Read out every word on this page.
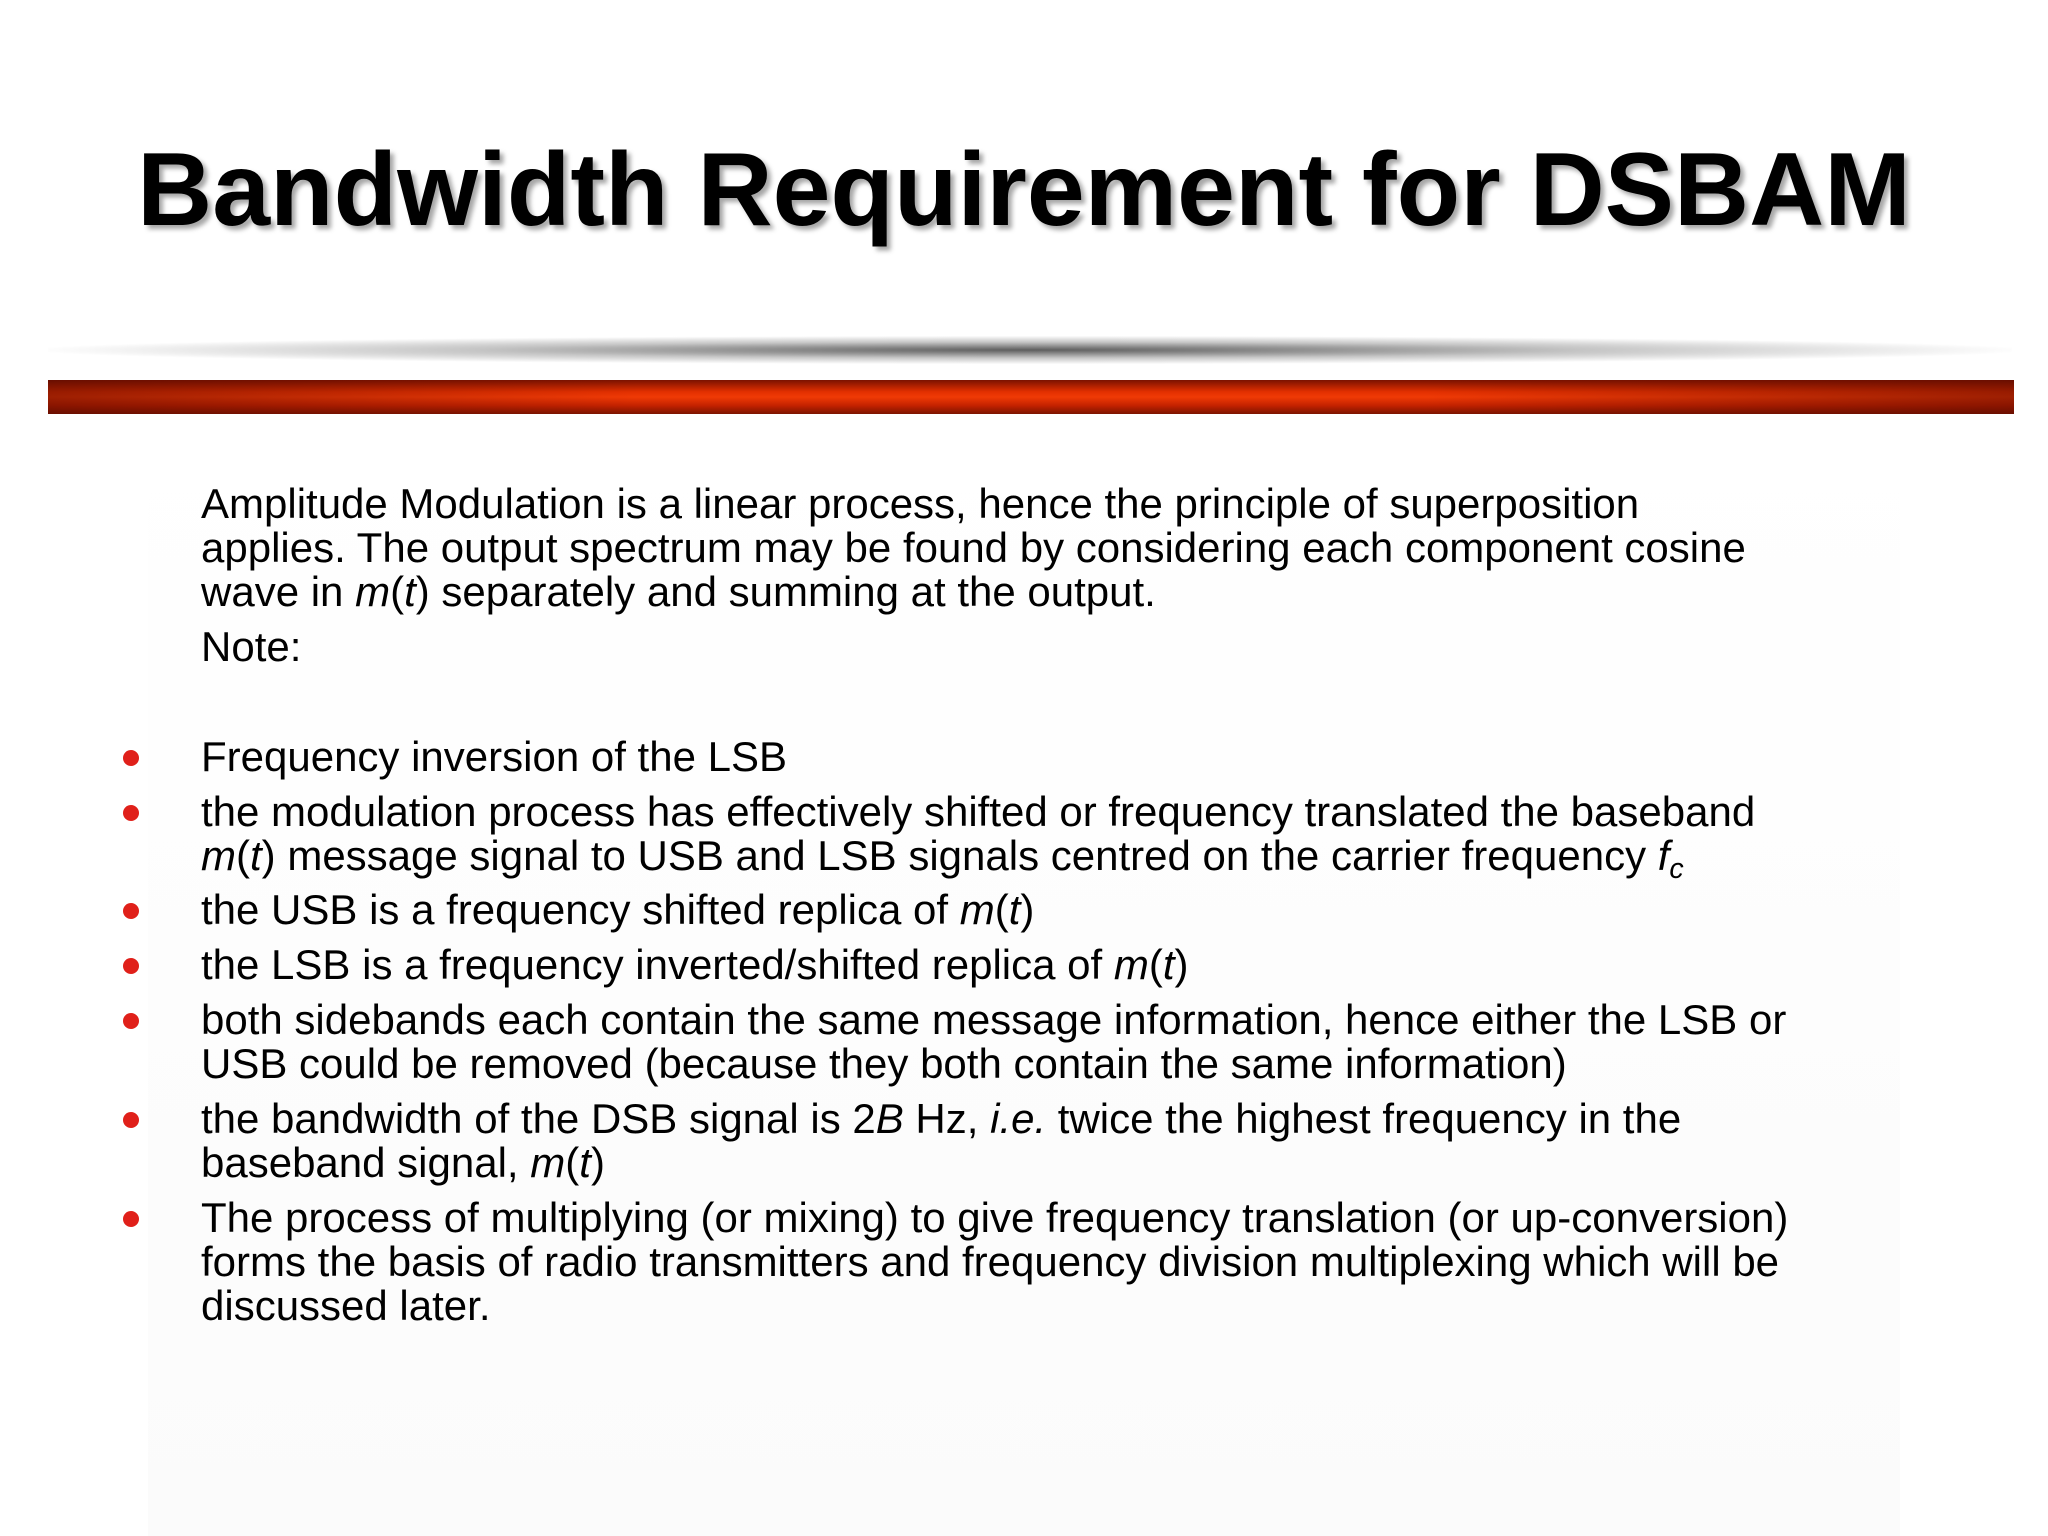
Bandwidth Requirement for DSBAM
Amplitude Modulation is a linear process, hence the principle of superposition
applies. The output spectrum may be found by considering each component cosine
wave in m(t) separately and summing at the output.
Note:
Frequency inversion of the LSB
the modulation process has effectively shifted or frequency translated the baseband
m(t) message signal to USB and LSB signals centred on the carrier frequency $f_c$
the USB is a frequency shifted replica of m(t)
the LSB is a frequency inverted/shifted replica of m(t)
both sidebands each contain the same message information, hence either the LSB or
USB could be removed (because they both contain the same information)
the bandwidth of the DSB signal is 2B Hz, i.e. twice the highest frequency in the
baseband signal, m(t)
The process of multiplying (or mixing) to give frequency translation (or up-conversion)
forms the basis of radio transmitters and frequency division multiplexing which will be
discussed later.
